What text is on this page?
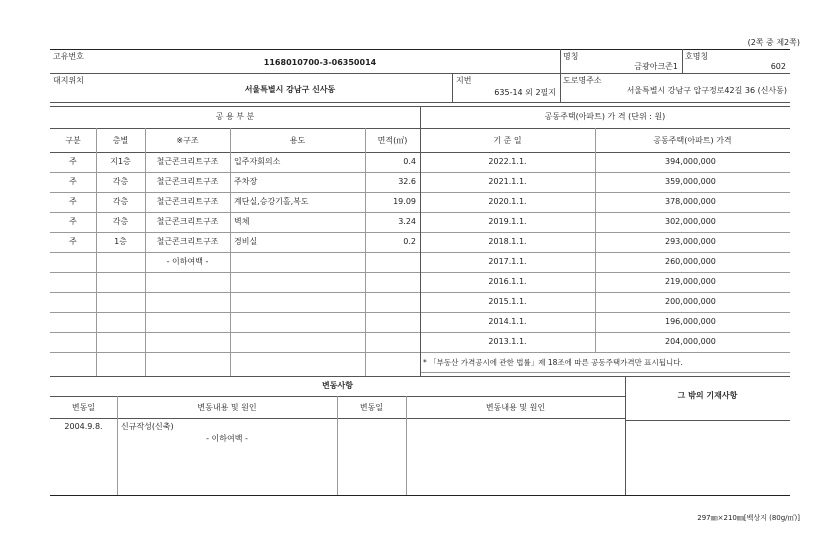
(2쪽 중 제2쪽)
고유번호
1168010700-3-06350014
명칭
금광아크존1
호명칭
602
대지위치
서울특별시 강남구 신사동
지번
635-14 외 2필지
도로명주소
서울특별시 강남구 압구정로42길 36 (신사동)
공 용 부 분
구분	층별	※구조	용도	면적(㎡)
주	지1층	철근콘크리트구조	입주자회의소	0.4
주	각층	철근콘크리트구조	주차장	32.6
주	각층	철근콘크리트구조	계단실,승강기홀,복도	19.09
주	각층	철근콘크리트구조	벽체	3.24
주	1층	철근콘크리트구조	경비실	0.2
- 이하여백 -
공동주택(아파트) 가 격 (단위 : 원)
기 준 일	공동주택(아파트) 가격
2022.1.1.	394,000,000
2021.1.1.	359,000,000
2020.1.1.	378,000,000
2019.1.1.	302,000,000
2018.1.1.	293,000,000
2017.1.1.	260,000,000
2016.1.1.	219,000,000
2015.1.1.	200,000,000
2014.1.1.	196,000,000
2013.1.1.	204,000,000
* 「부동산 가격공시에 관한 법률」제 18조에 따른 공동주택가격만 표시됩니다.
변동사항
변동일	변동내용 및 원인	변동일	변동내용 및 원인
2004.9.8.	신규작성(신축)
- 이하여백 -
그 밖의 기재사항
297㎜×210㎜[백상지 (80g/㎡)]
